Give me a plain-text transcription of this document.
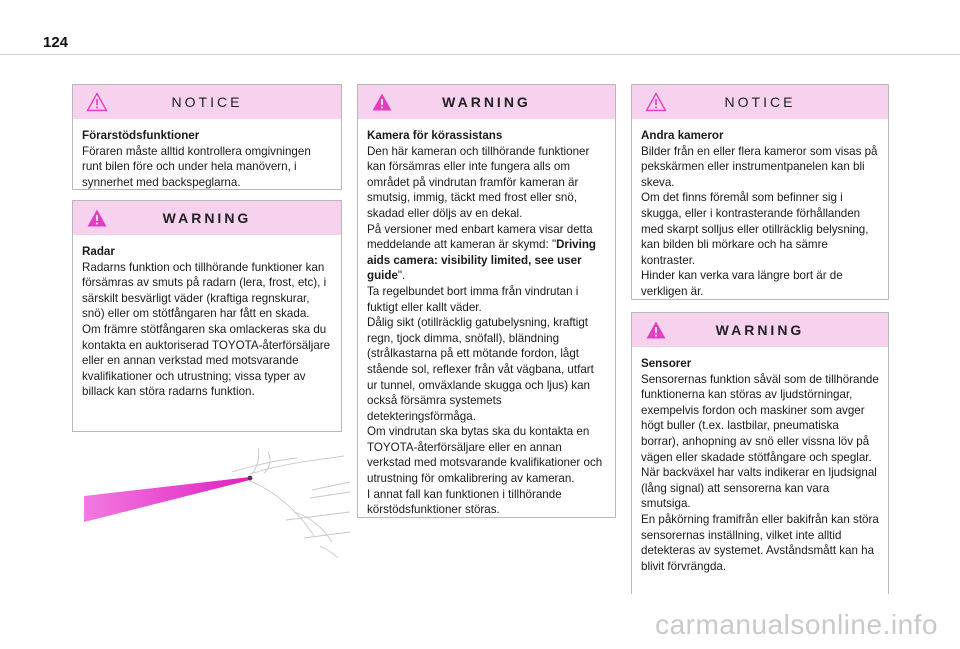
124
NOTICE
Förarstödsfunktioner

Föraren måste alltid kontrollera omgivningen runt bilen före och under hela manövern, i synnerhet med backspeglarna.

WARNING
Radar

Radarns funktion och tillhörande funktioner kan försämras av smuts på radarn (lera, frost, etc), i särskilt besvärligt väder (kraftiga regnskurar, snö) eller om stötfångaren har fått en skada.
Om främre stötfångaren ska omlackeras ska du kontakta en auktoriserad TOYOTA-återförsäljare eller en annan verkstad med motsvarande kvalifikationer och utrustning; vissa typer av billack kan störa radarns funktion.

WARNING
Kamera för körassistans

Den här kameran och tillhörande funktioner kan försämras eller inte fungera alls om området på vindrutan framför kameran är smutsig, immig, täckt med frost eller snö, skadad eller döljs av en dekal.
På versioner med enbart kamera visar detta meddelande att kameran är skymd: "Driving aids camera: visibility limited, see user guide".
Ta regelbundet bort imma från vindrutan i fuktigt eller kallt väder.
Dålig sikt (otillräcklig gatubelysning, kraftigt regn, tjock dimma, snöfall), bländning (strålkastarna på ett mötande fordon, lågt stående sol, reflexer från våt vägbana, utfart ur tunnel, omväxlande skugga och ljus) kan också försämra systemets detekteringsförmåga.
Om vindrutan ska bytas ska du kontakta en TOYOTA-återförsäljare eller en annan verkstad med motsvarande kvalifikationer och utrustning för omkalibrering av kameran.
I annat fall kan funktionen i tillhörande körstödsfunktioner störas.

NOTICE
Andra kameror

Bilder från en eller flera kameror som visas på pekskärmen eller instrumentpanelen kan bli skeva.
Om det finns föremål som befinner sig i skugga, eller i kontrasterande förhållanden med skarpt solljus eller otillräcklig belysning, kan bilden bli mörkare och ha sämre kontraster.
Hinder kan verka vara längre bort är de verkligen är.

WARNING
Sensorer

Sensorernas funktion såväl som de tillhörande funktionerna kan störas av ljudstörningar, exempelvis fordon och maskiner som avger högt buller (t.ex. lastbilar, pneumatiska borrar), anhopning av snö eller vissna löv på vägen eller skadade stötfångare och speglar.
När backväxel har valts indikerar en ljudsignal (lång signal) att sensorerna kan vara smutsiga.
En påkörning framifrån eller bakifrån kan störa sensorernas inställning, vilket inte alltid detekteras av systemet. Avståndsmått kan ha blivit förvrängda.

carmanualsonline.info
